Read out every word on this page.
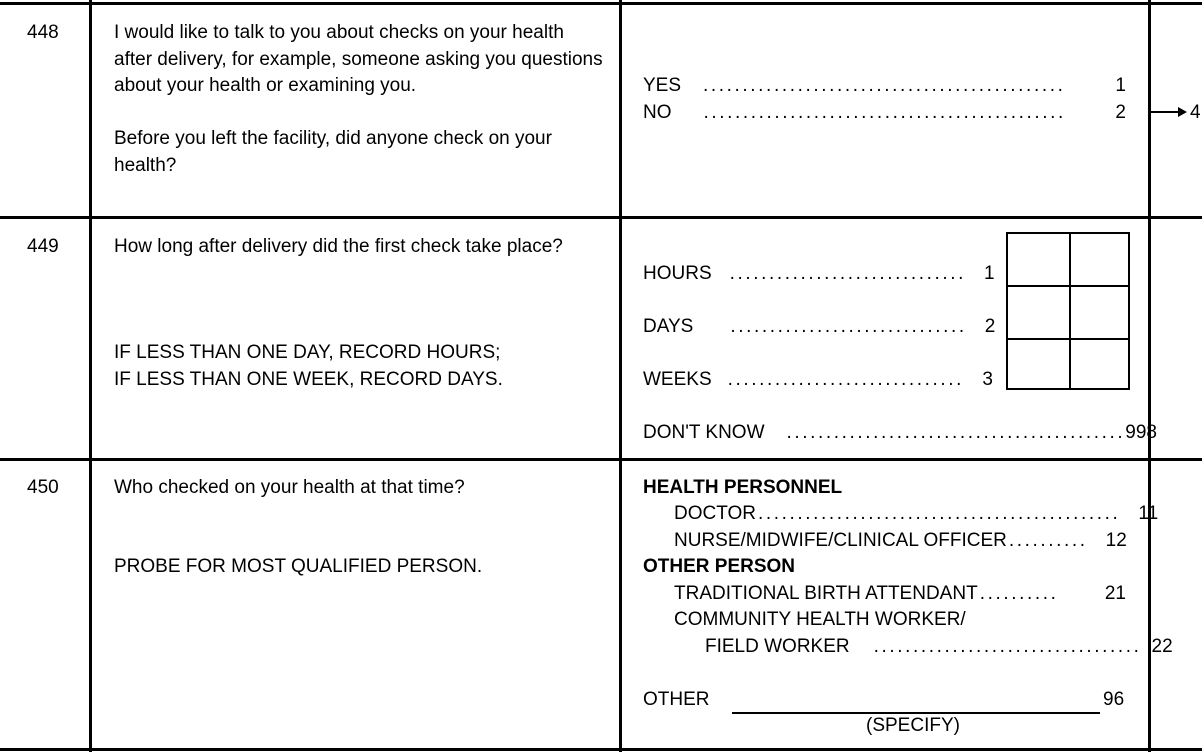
448	I would like to talk to you about checks on your health after delivery, for example, someone asking you questions about your health or examining you.
Before you left the facility, did anyone check on your health?
YES ..............................................	1
NO ..............................................	2	4
449	How long after delivery did the first check take place?
IF LESS THAN ONE DAY, RECORD HOURS;
IF LESS THAN ONE WEEK, RECORD DAYS.
HOURS .............................. 1
DAYS .............................. 2
WEEKS .............................. 3
DON'T KNOW ........................................... 998
450	Who checked on your health at that time?
PROBE FOR MOST QUALIFIED PERSON.
HEALTH PERSONNEL
DOCTOR .............................................. 11
NURSE/MIDWIFE/CLINICAL OFFICER .......... 12
OTHER PERSON
TRADITIONAL BIRTH ATTENDANT ..........	21
COMMUNITY HEALTH WORKER/
FIELD WORKER .................................. 22
OTHER	96
(SPECIFY)
